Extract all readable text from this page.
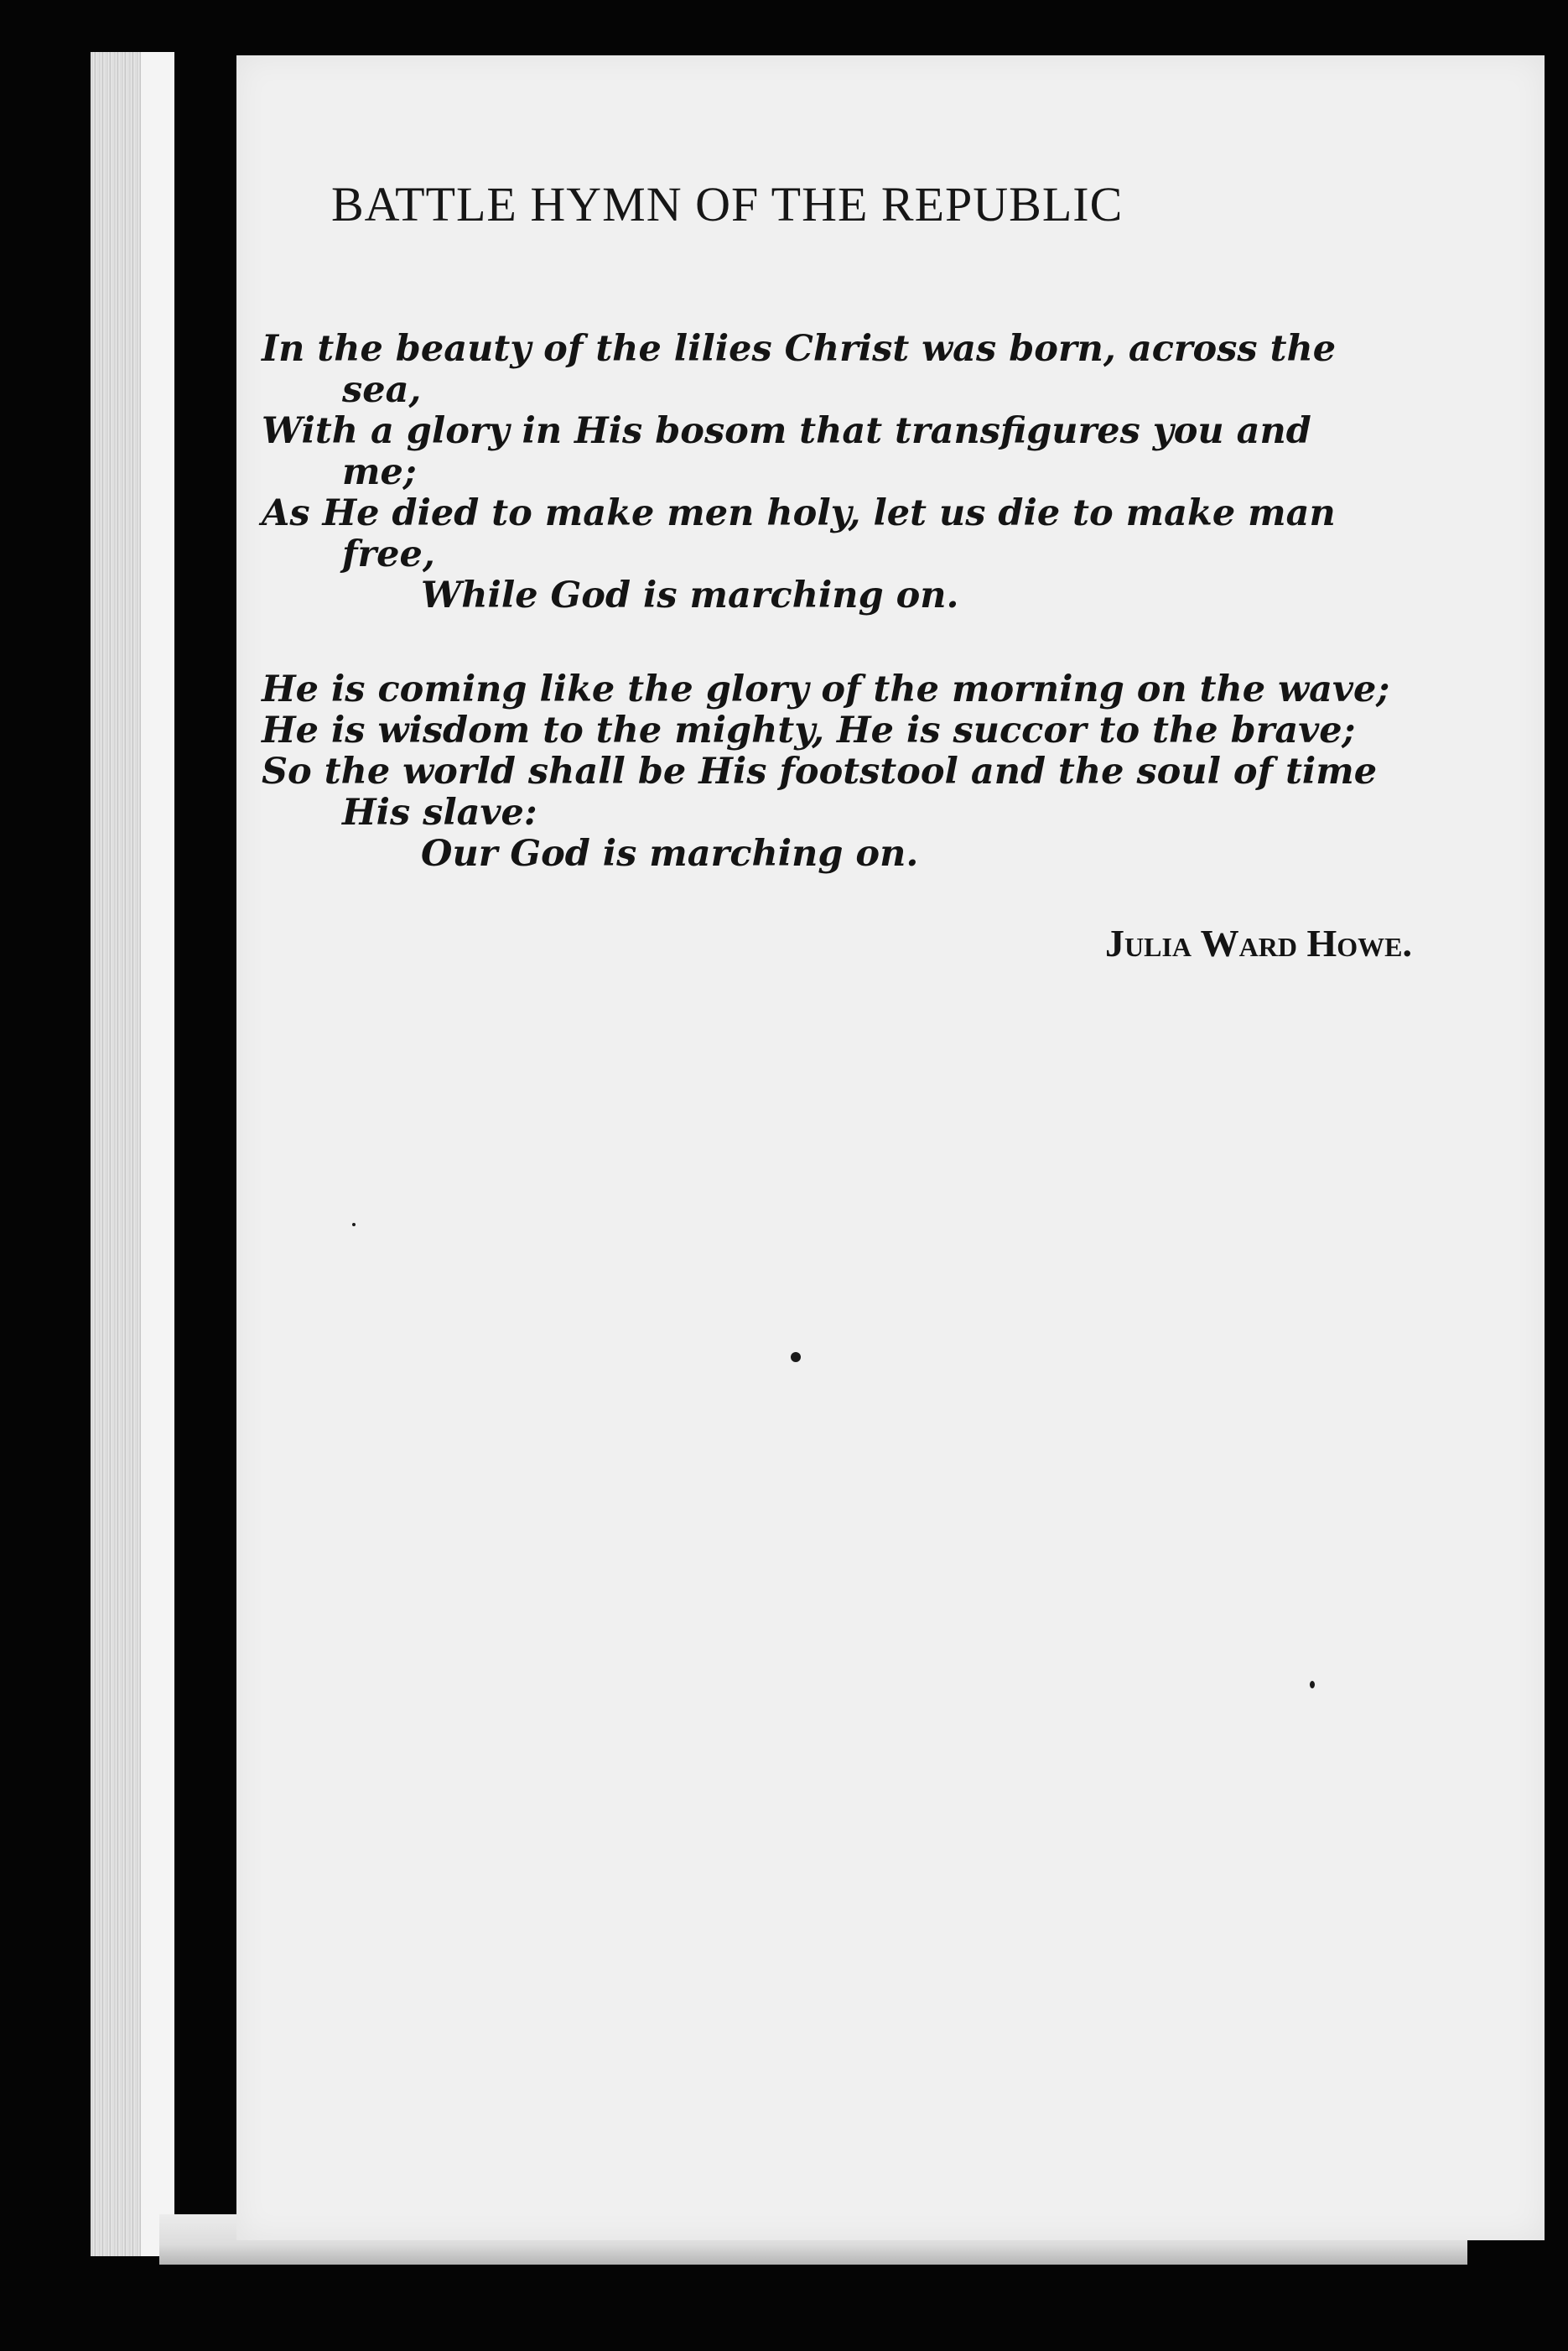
BATTLE HYMN OF THE REPUBLIC
In the beauty of the lilies Christ was born, across the
sea,
With a glory in His bosom that transfigures you and
me;
As He died to make men holy, let us die to make man
free,
While God is marching on.
He is coming like the glory of the morning on the wave;
He is wisdom to the mighty, He is succor to the brave;
So the world shall be His footstool and the soul of time
His slave:
Our God is marching on.

Julia Ward Howe.
